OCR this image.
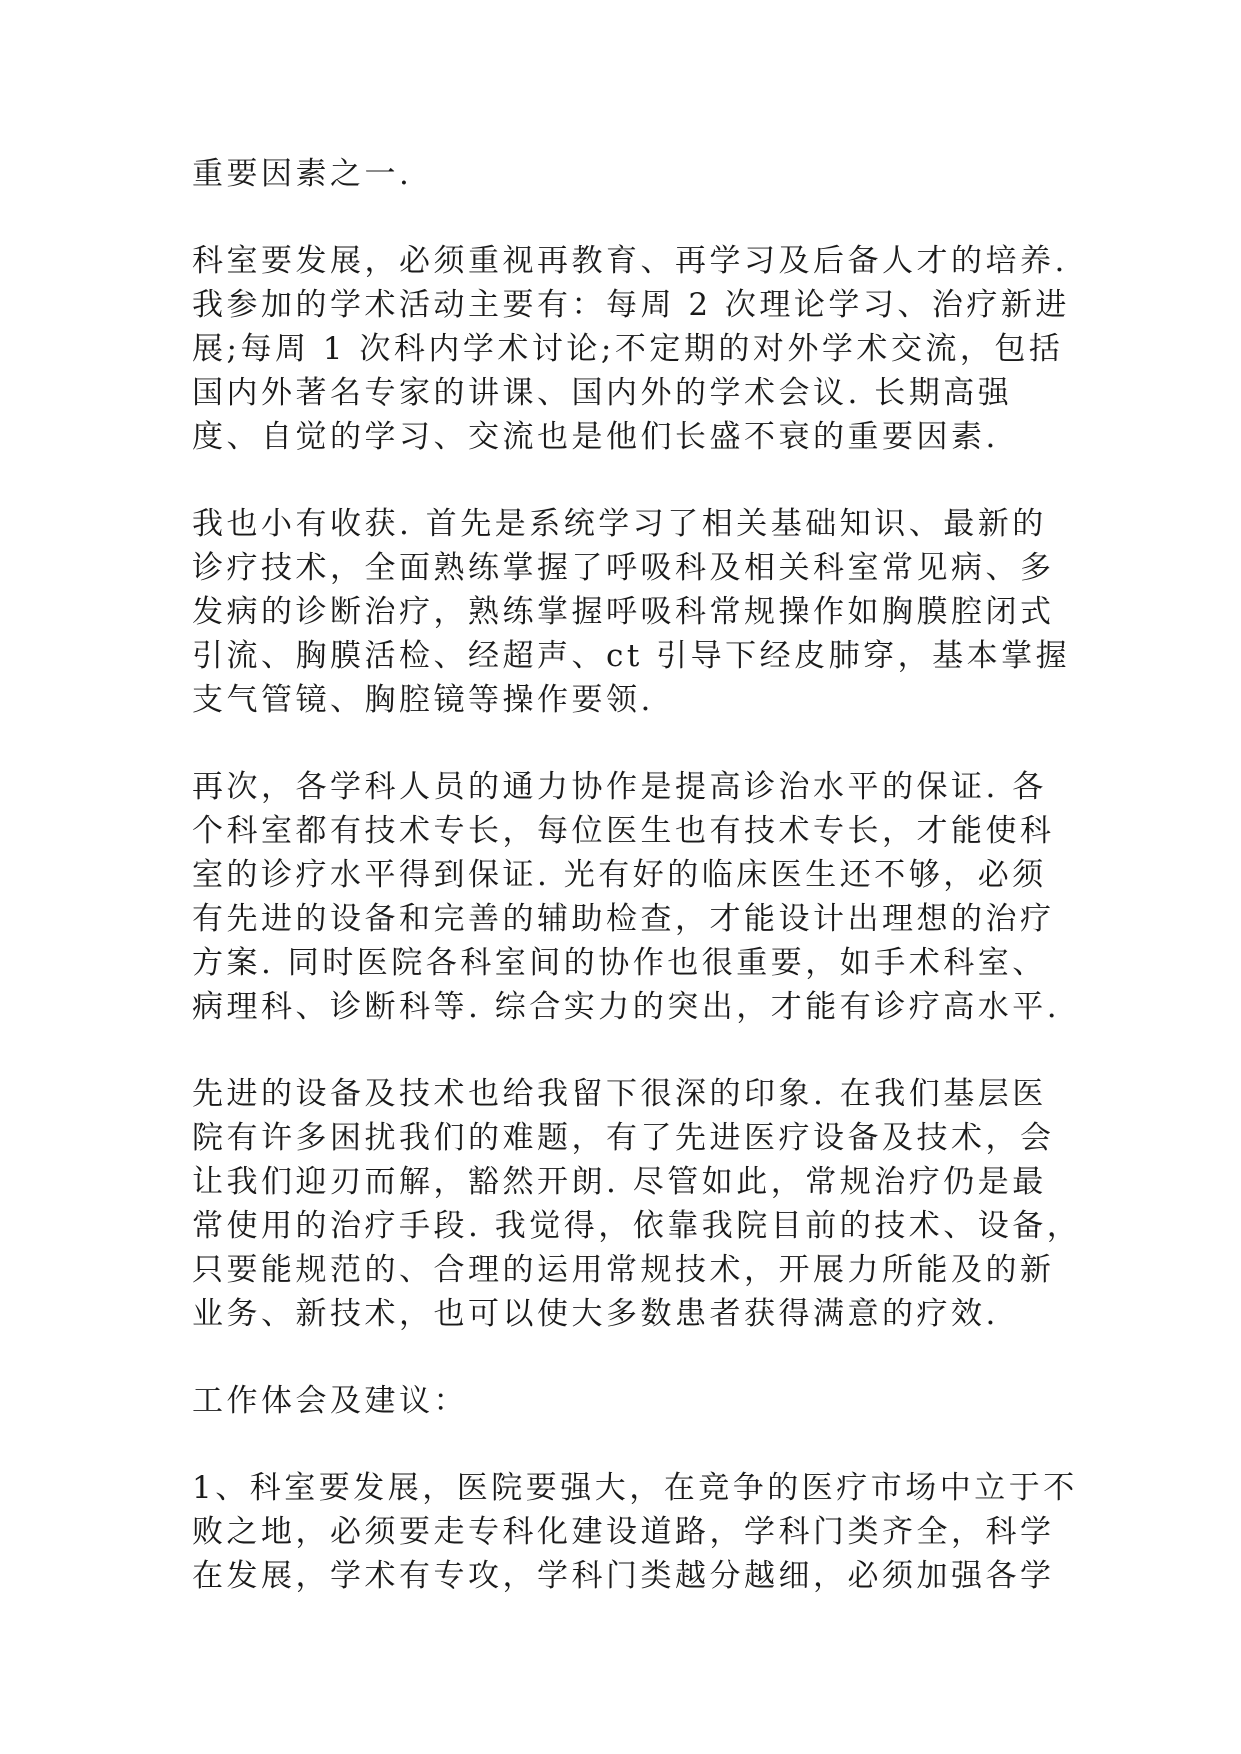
重要因素之一.
科室要发展，必须重视再教育、再学习及后备人才的培养.
我参加的学术活动主要有：每周 2 次理论学习、治疗新进
展;每周 1 次科内学术讨论;不定期的对外学术交流，包括
国内外著名专家的讲课、国内外的学术会议. 长期高强
度、自觉的学习、交流也是他们长盛不衰的重要因素.
我也小有收获. 首先是系统学习了相关基础知识、最新的
诊疗技术，全面熟练掌握了呼吸科及相关科室常见病、多
发病的诊断治疗，熟练掌握呼吸科常规操作如胸膜腔闭式
引流、胸膜活检、经超声、ct 引导下经皮肺穿，基本掌握
支气管镜、胸腔镜等操作要领.
再次，各学科人员的通力协作是提高诊治水平的保证. 各
个科室都有技术专长，每位医生也有技术专长，才能使科
室的诊疗水平得到保证. 光有好的临床医生还不够，必须
有先进的设备和完善的辅助检查，才能设计出理想的治疗
方案. 同时医院各科室间的协作也很重要，如手术科室、
病理科、诊断科等. 综合实力的突出，才能有诊疗高水平.
先进的设备及技术也给我留下很深的印象. 在我们基层医
院有许多困扰我们的难题，有了先进医疗设备及技术，会
让我们迎刃而解，豁然开朗. 尽管如此，常规治疗仍是最
常使用的治疗手段. 我觉得，依靠我院目前的技术、设备，
只要能规范的、合理的运用常规技术，开展力所能及的新
业务、新技术，也可以使大多数患者获得满意的疗效.
工作体会及建议：
1、科室要发展，医院要强大，在竞争的医疗市场中立于不
败之地，必须要走专科化建设道路，学科门类齐全，科学
在发展，学术有专攻，学科门类越分越细，必须加强各学
